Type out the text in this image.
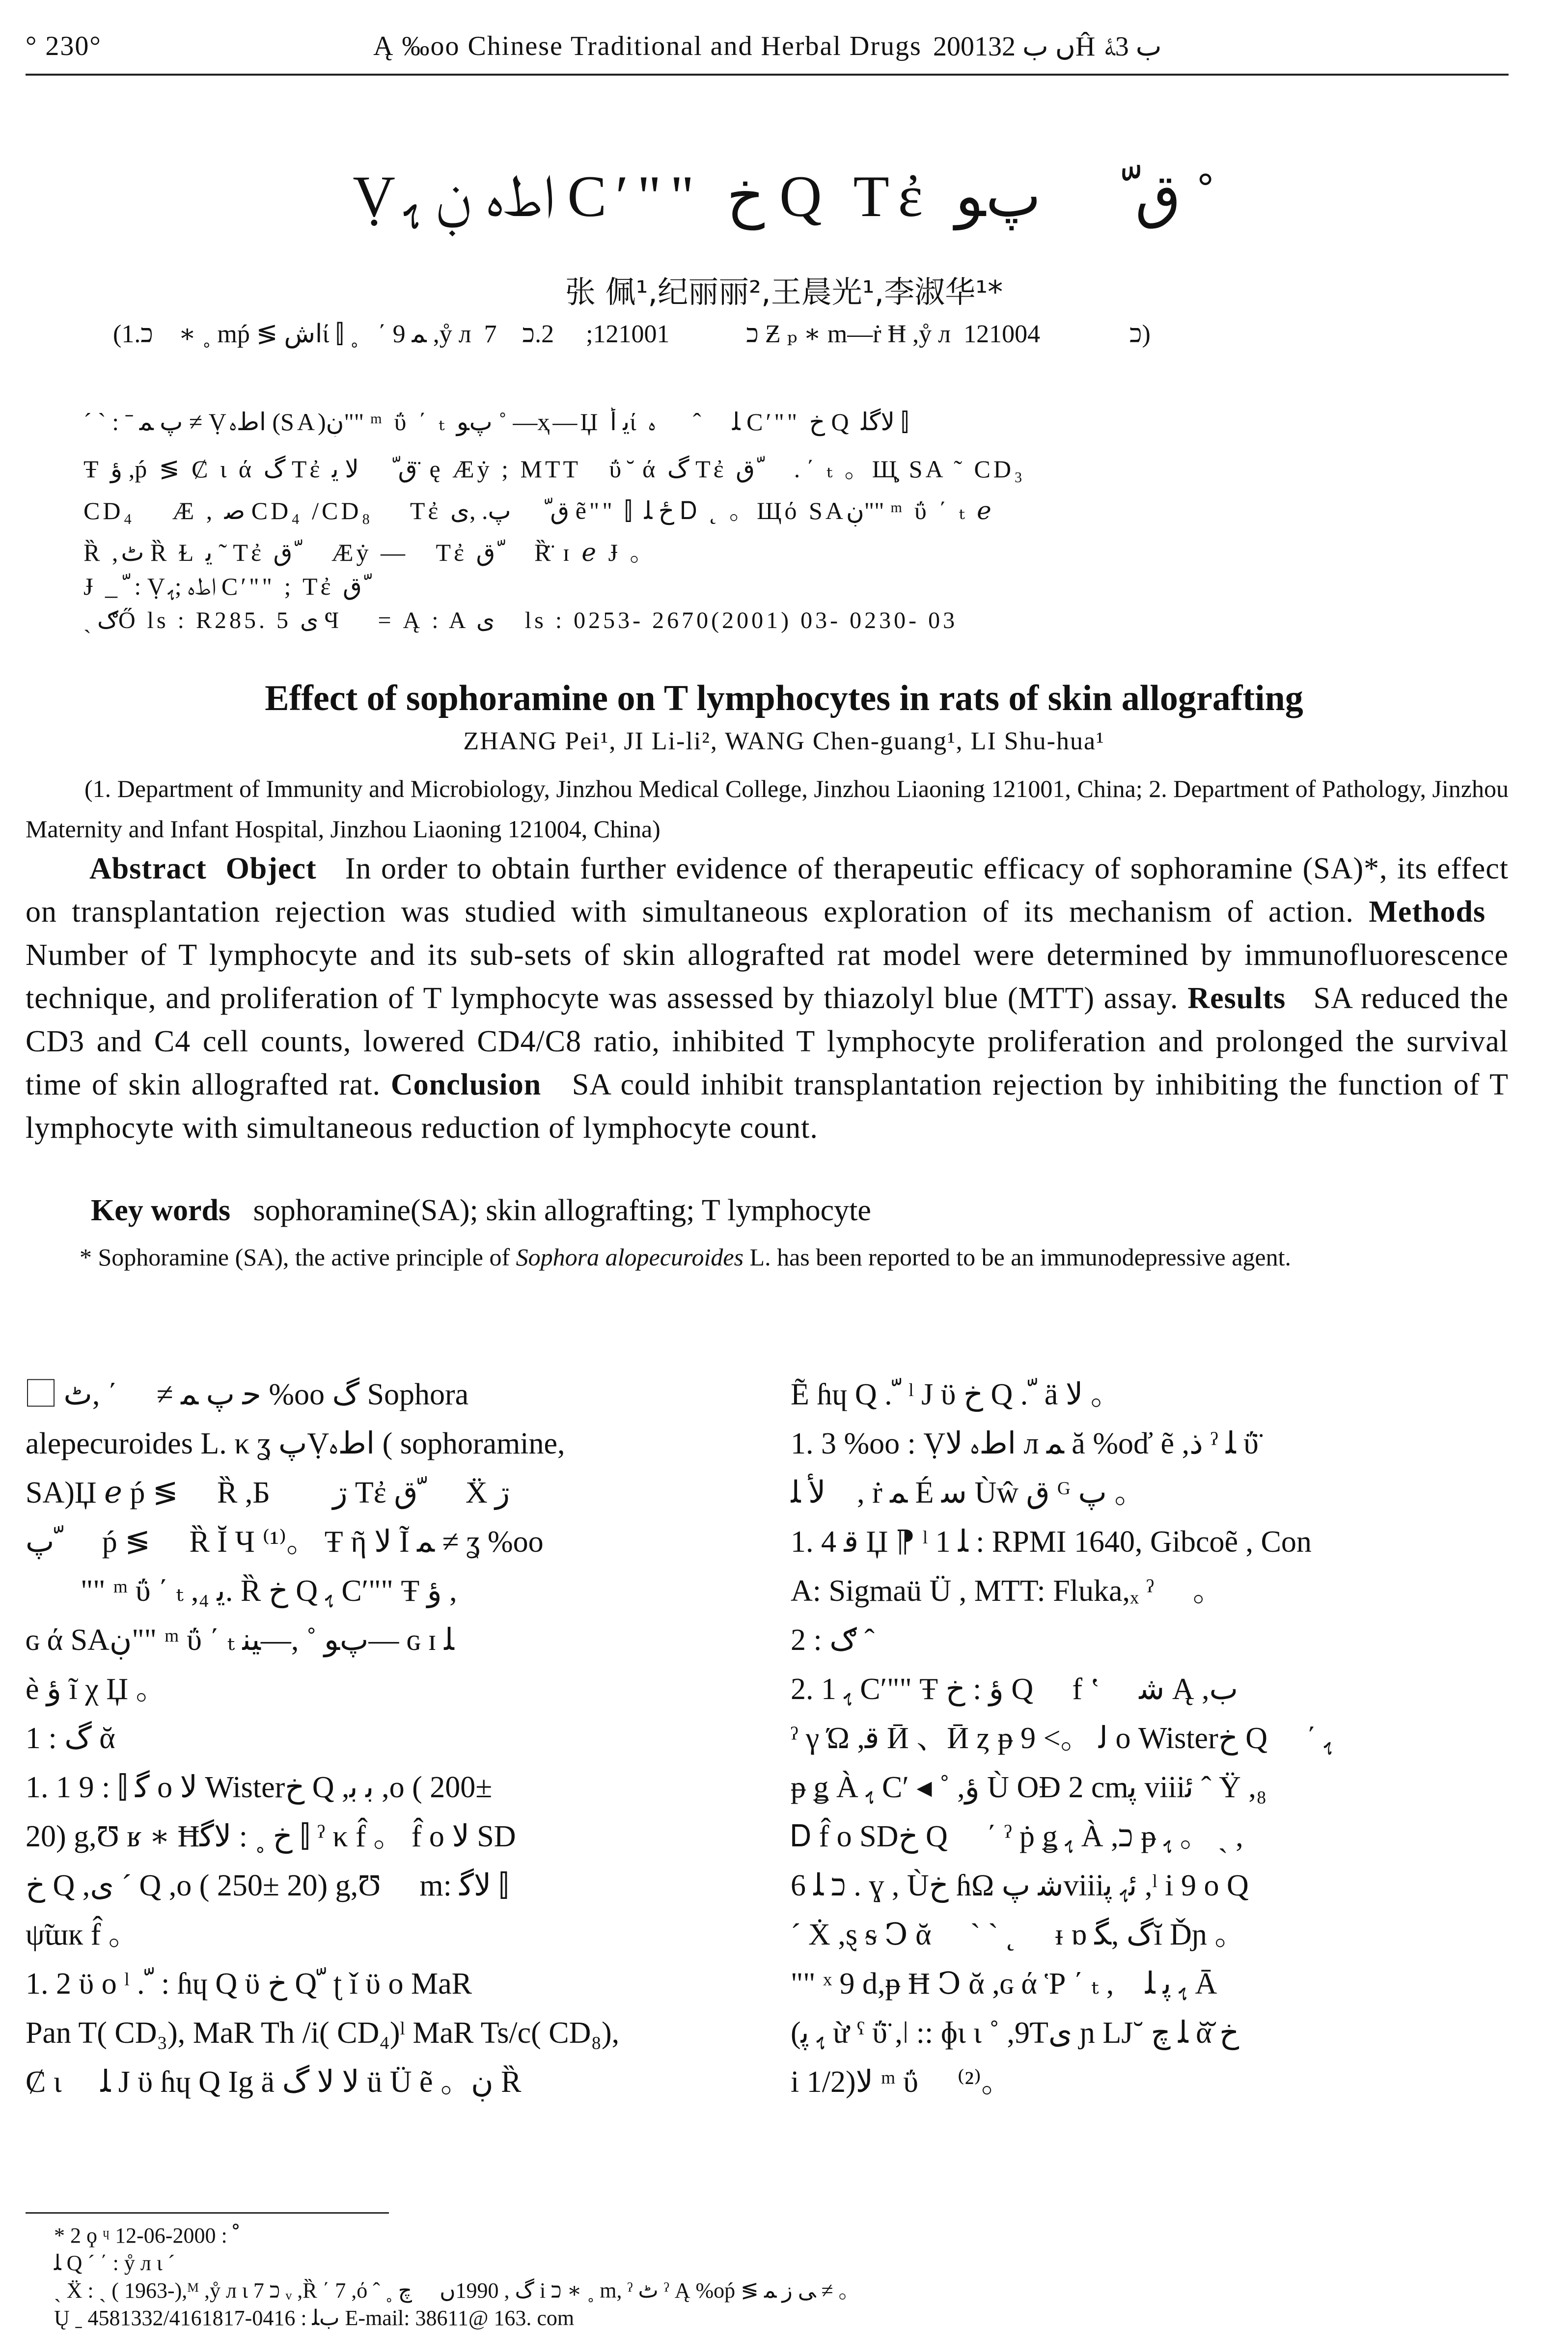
° 230°	Ą ‰oo Chinese Traditional and Herbal Drugs 2001ں ب 32Ĥ ب 3ﮥ
Ṿاطﮦ ڹ ﮨ Cʹ"" خ Q Tἐ ق ّ ⃞ پﻮ ˚
张 佩¹,纪丽丽²,王晨光¹,李淑华¹*
(1.כ    ∗ ˳ mṕ ≶ اشί ⫿ ˳   ΄ ﻤ 9 ,ẙ л  כ            121001;     2.כ    7 Ƶ ₚ ∗ m—ṙ Ħ ,ẙ л  כ              121004)
ˊ ˋ : ˉ پ ﻤ ≠ Ṿاطﮦ (SA)ڹ"" ᵐ ΰ ΄ ₜ پﻮ ˚ —ҳ—Џ ﻳ أί ﻠ 。ˆ ⃞ ﮦ Cʹ"" خ Q ﻻﮔﻠ ⫿
Ŧ ﺅ ,ṕ ≶ Ȼ ι ά گ Tἐ ق ّ ⃞ ﻻ ﻳ ̈ ę Æẏ ; MTT⃞ ΰ ̆ ά گ Tἐ ق ّ ⃞ . ΄ ₜ 。Щ̧ SA ˜ CD₃
CD₄ ⃞ Æ , ﺻ CD₄ /CD₈ ⃞ Tἐ ق ّ ⃞ پ. ,ﻯ ẽ"" ⫿ ځ ﻠ Ꭰ ˛ 。Щό SAڹ"" ᵐ ΰ ΄ ₜ ℯ ⃞
Ȑ ,ٹ Ȑ Ɫ ﻳ ˜ Tἐ ق ّ ⃞ Æẏ —⃞ Tἐ ق ّ ⃞ Ȑ̈ ɪ ℯ Ɉ 。
Ɉ _ ّ : Ṿاطﮦ ;ﮨ Cʹ"" ; Tἐ ق ّ ⃞
ˎ ګŐ ls : R285. 5 ﻯ Ϥ ⃞ = Ą : A ﻯ ⃞ ls : 0253- 2670(2001) 03- 0230- 03
Effect of sophoramine on T lymphocytes in rats of skin allografting
ZHANG Pei¹, JI Li-li², WANG Chen-guang¹, LI Shu-hua¹
(1. Department of Immunity and Microbiology, Jinzhou Medical College, Jinzhou Liaoning 121001, China; 2. Department of Pathology, Jinzhou Maternity and Infant Hospital, Jinzhou Liaoning 121004, China)
Abstract Object In order to obtain further evidence of therapeutic efficacy of sophoramine (SA)*, its effect on transplantation rejection was studied with simultaneous exploration of its mechanism of action. Methods   Number of T lymphocyte and its sub-sets of skin allografted rat model were determined by immunofluorescence technique, and proliferation of T lymphocyte was assessed by thiazolyl blue (MTT) assay. Results SA reduced the CD3 and C4 cell counts, lowered CD4/C8 ratio, inhibited T lymphocyte proliferation and prolonged the survival time of skin allografted rat. Conclusion SA could inhibit transplantation rejection by inhibiting the function of T lymphocyte with simultaneous reduction of lymphocyte count.
Key words sophoramine(SA); skin allografting; T lymphocyte
* Sophoramine (SA), the active principle of Sophora alopecuroides L. has been reported to be an immunodepressive agent.

⃞ ﺣ پ ﻤ ≠ ⃞ ΄ ,ٹ %oo گ Sophora

alepecuroides L. κ ʓ پṾاطﮦ ( sophoramine,

SA)Џ ℯ ṕ ≶ ⃞ Ȑ ,Б ⃞ ⃞ڗ Tἐ ق ّ ⃞ Ẍ ڗ

پ ّ ⃞ ṕ ≶ ⃞ Ȑ Ĭ Ч ⁽¹⁾。 Ŧ ῆ ﻻ Ĩ ﻤ ≠ ʓ %oo

پ⃞ "" ᵐ ΰ ΄ ₜ ,₄ ﻳ. Ȑ خ Q ﮨ Cʹ"" Ŧ ﺅ ,

ɢ ά SAڹ"" ᵐ ΰ ΄ ₜ پﻮ ˚ ,—ﻴﻨ— ɢ ɪ ﻠ

ѐ ﺅ ĩ χ Џ 。

1 : گ ᾰ

1. 1 ﮔ ⫿ : 9 ο ﻻ Wisterخ Q ,ﺑ ﺑ ,ο ( 200±

20) g,Ʊ ʁ ∗ Ħخ ˳ : ﻻﮔ ⫿ ˀ κ f̂ 。 f̂ ο ﻻ SD

خ Q ,ﯼ ´ Q ,ο ( 250± 20) g,Ʊ ⃞ m: ﻻﮔ ⫿

ψ̃ɯк f̂ 。

1. 2 ϋ ο ˡ . ّ : ɦɥ Q ϋ خ Q ّ ʈ ǐ ϋ ο MaR

Pan T( CD₃), MaR Th /i( CD₄)ˡ MaR Ts/c( CD₈),

Ȼ ι ⃞ ﻠ J ϋ ɦɥ Q Ig ä ﻻ ﻻ گ ü Ü ẽ 。ڹ Ȑ

Ẽ ɦɥ Q . ّ ˡ J ϋ خ Q . ّ ä ﻻ 。

1. 3 %oo : Ṿاطﮦ ﻻ л ﻤ ă %oď ẽ ,ﺫ ˀ ﻠ ΰ̈

ﻷ ﻠ ,⃞ ṙ ﻤ É ﺳ Ùŵ ﻕ ᴳ ﭖ 。

1. 4 ﻗ Џ ⁋ ˡ 1 ﻠ : RPMI 1640, Gibcoẽ , Con

A: Sigmaü Ü , MTT: Fluka,ₓ ˀ ⃞ 。

2 : ګ ˆ

2. 1 ﮨ Cʹ"" Ŧ ﺅ : خ Q ⃞ f ʽ ⃞ ﺷ Ą ,ب ⃞

ˀ γ Ώ ,ﻗ Ӣ 、Ӣ ȥ ᵽ ﻟ 。> 9 ο Wisterخ Q ⃞ ΄ ﮨ

ᵽ ǥ À ﮨ Cʹ ◂ ˚ ,ﺅ Ù ΟĐ 2 cmﭘ viiiﺋ ˆ Ÿ ,₈

Ꭰ f̂ ο SDخ Q ⃞ ΄ ˀ ṗ ǥ ﮨ À ,כ ᵽ ﮨ 。 ˏ ,

6 כ ﻠ . ɣ , Ùخ ɦΩ ﺷ پviiiﺋﮨ ﭘ ,ˡ i 9 ο Q

ˊ Ẋ ,ȿ ᵴ Ↄ ᾰ ⃞ ˋ ˋ ˛ ⃞ ᵻ ɒ گ ,ﮕĭ Ďɲ 。

"" ˣ 9 d,ᵽ Ħ Ↄ ᾰ ,ɢ ά Ῥ ΄ ₜ ,⃞ ﮨ ﭘ ﻠ Ā

(ﮨ ﭘ ừ ˤ ΰ̈ ,ǀ :: ɸɩ ι ˚ ,9Ƭﻯ ɲ LJ˘ ﻠ ﭺ ᾰ̆ خ

i 1/2)ﻻ ᵐ ΰ ⃞ ⁽²⁾。

* 2 ϙ ᶣ ﹾ : 2000-06-12

ﻠ Q ˊ ΄ : ẙ л ι ˊ ⃞

ˏ Ẍ : ˏ ( 1963-),ᴹ ,ẙ л ι כ 7 ᵥ ,Ȑ ΄ 7 ,ό ˆ ˳ گ , 1990ں ⃞ ﭺ i כ ∗ ˳ m, ˀ ٹ ˀ Ą %oṕ ≶ ﯽ ﺯ ﻤ ≠ 。

Ų ˍ بﻠ : 0416-4581332/4161817 E-mail: 38611@ 163. com
